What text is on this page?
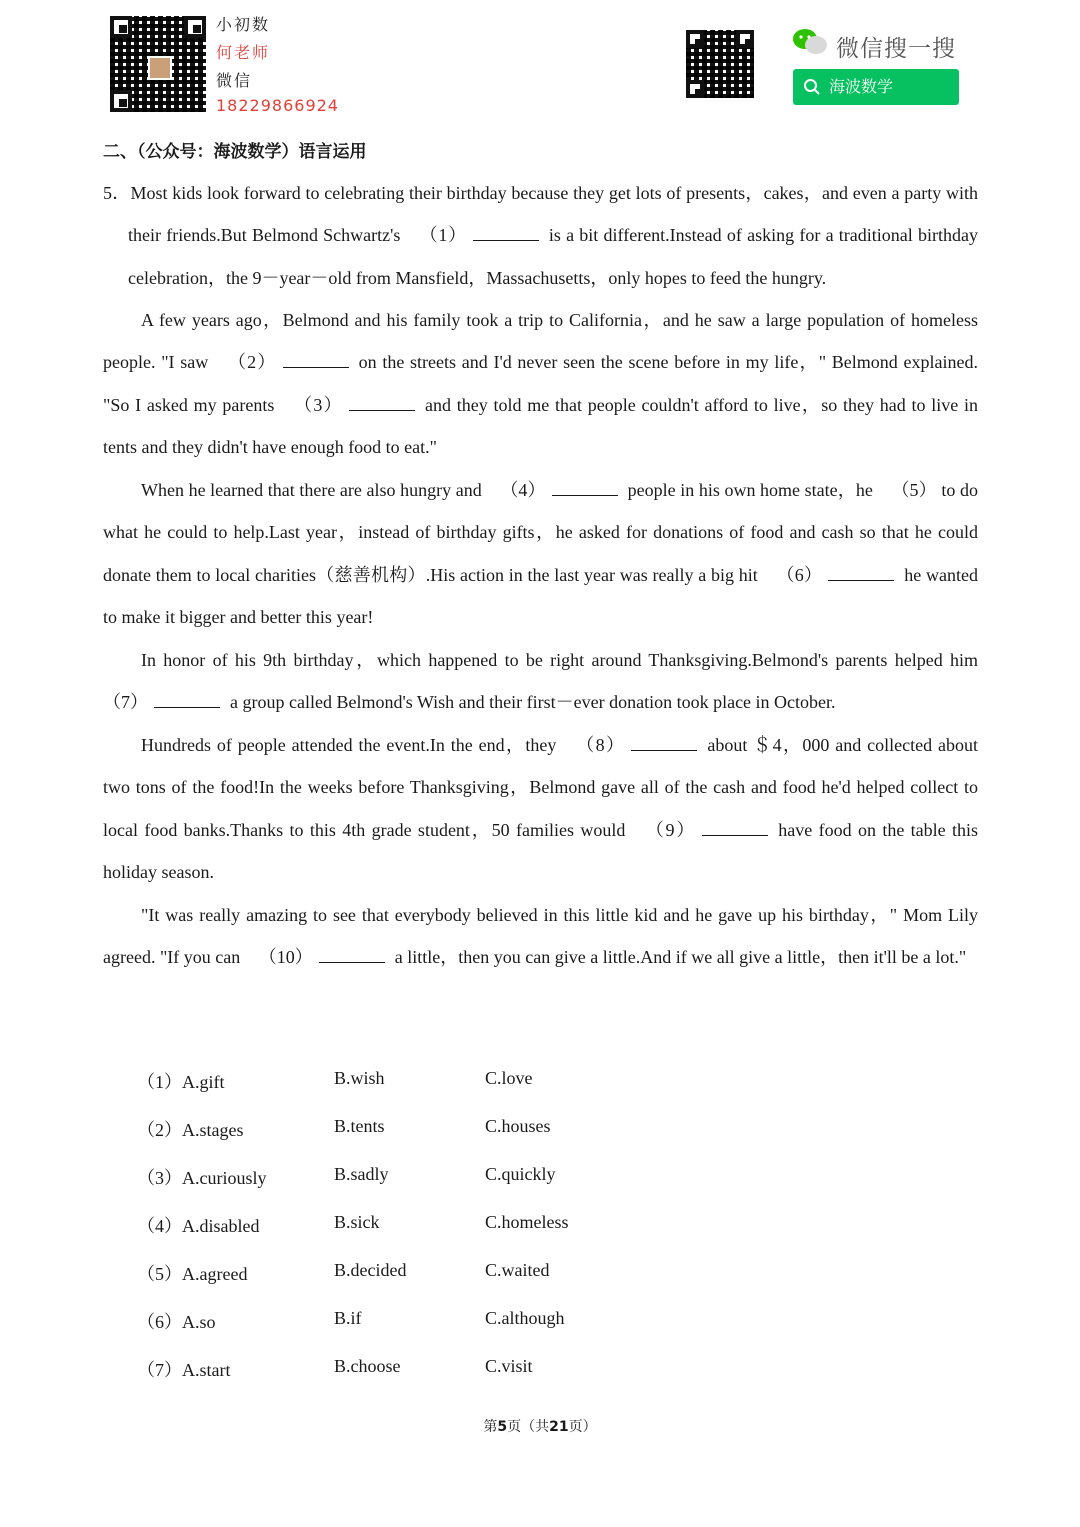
小初数
何老师
微信
18229866924
微信搜一搜
海波数学
二、（公众号：海波数学）语言运用

5．Most kids look forward to celebrating their birthday because they get lots of presents，cakes，and even a party with their friends.But Belmond Schwartz's （1）	is a bit different.Instead of asking for a traditional birthday celebration，the 9－year－old from Mansfield，Massachusetts，only hopes to feed the hungry.

A few years ago，Belmond and his family took a trip to California，and he saw a large population of homeless people. "I saw （2）	on the streets and I'd never seen the scene before in my life，" Belmond explained. "So I asked my parents （3）	and they told me that people couldn't afford to live，so they had to live in tents and they didn't have enough food to eat."

When he learned that there are also hungry and （4）	people in his own home state，he （5） to do what he could to help.Last year，instead of birthday gifts，he asked for donations of food and cash so that he could donate them to local charities（慈善机构）.His action in the last year was really a big hit （6）	he wanted to make it bigger and better this year!

In honor of his 9th birthday，which happened to be right around Thanksgiving.Belmond's parents helped him （7）	a group called Belmond's Wish and their first－ever donation took place in October.

Hundreds of people attended the event.In the end，they （8）	about ＄4，000 and collected about two tons of the food!In the weeks before Thanksgiving，Belmond gave all of the cash and food he'd helped collect to local food banks.Thanks to this 4th grade student，50 families would （9）	have food on the table this holiday season.

"It was really amazing to see that everybody believed in this little kid and he gave up his birthday，" Mom Lily agreed. "If you can （10）	a little，then you can give a little.And if we all give a little，then it'll be a lot."

（1）A.gift	B.wish	C.love
（2）A.stages	B.tents	C.houses
（3）A.curiously	B.sadly	C.quickly
（4）A.disabled	B.sick	C.homeless
（5）A.agreed	B.decided	C.waited
（6）A.so	B.if	C.although
（7）A.start	B.choose	C.visit
第5页（共21页）
